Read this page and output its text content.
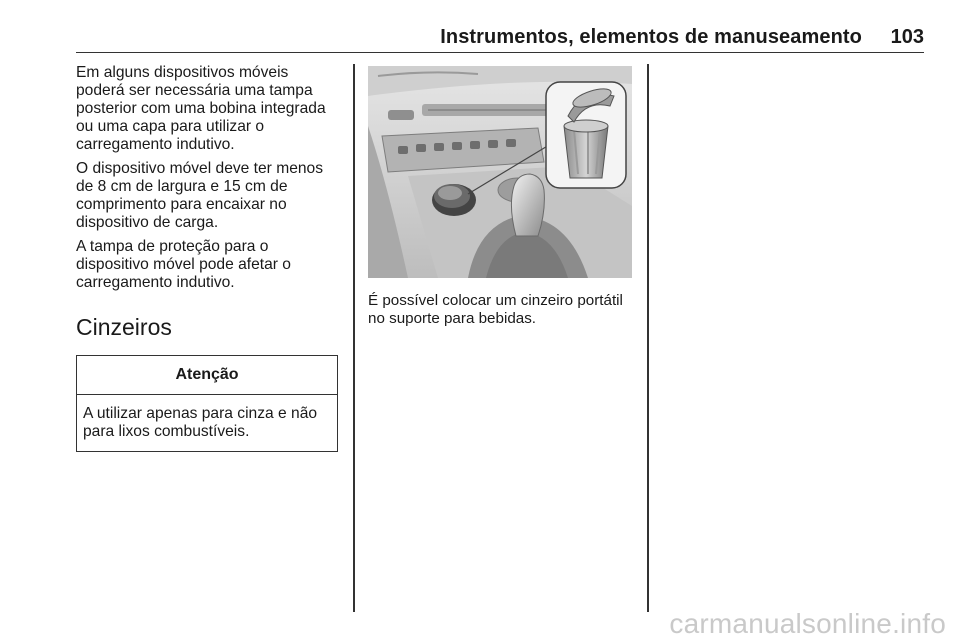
Instrumentos, elementos de manuseamento 103

Em alguns dispositivos móveis
poderá ser necessária uma tampa
posterior com uma bobina integrada
ou uma capa para utilizar o
carregamento indutivo.

O dispositivo móvel deve ter menos
de 8 cm de largura e 15 cm de
comprimento para encaixar no
dispositivo de carga.

A tampa de proteção para o
dispositivo móvel pode afetar o
carregamento indutivo.

Cinzeiros
Atenção
A utilizar apenas para cinza e não
para lixos combustíveis.
É possível colocar um cinzeiro portátil
no suporte para bebidas.
carmanualsonline.info
